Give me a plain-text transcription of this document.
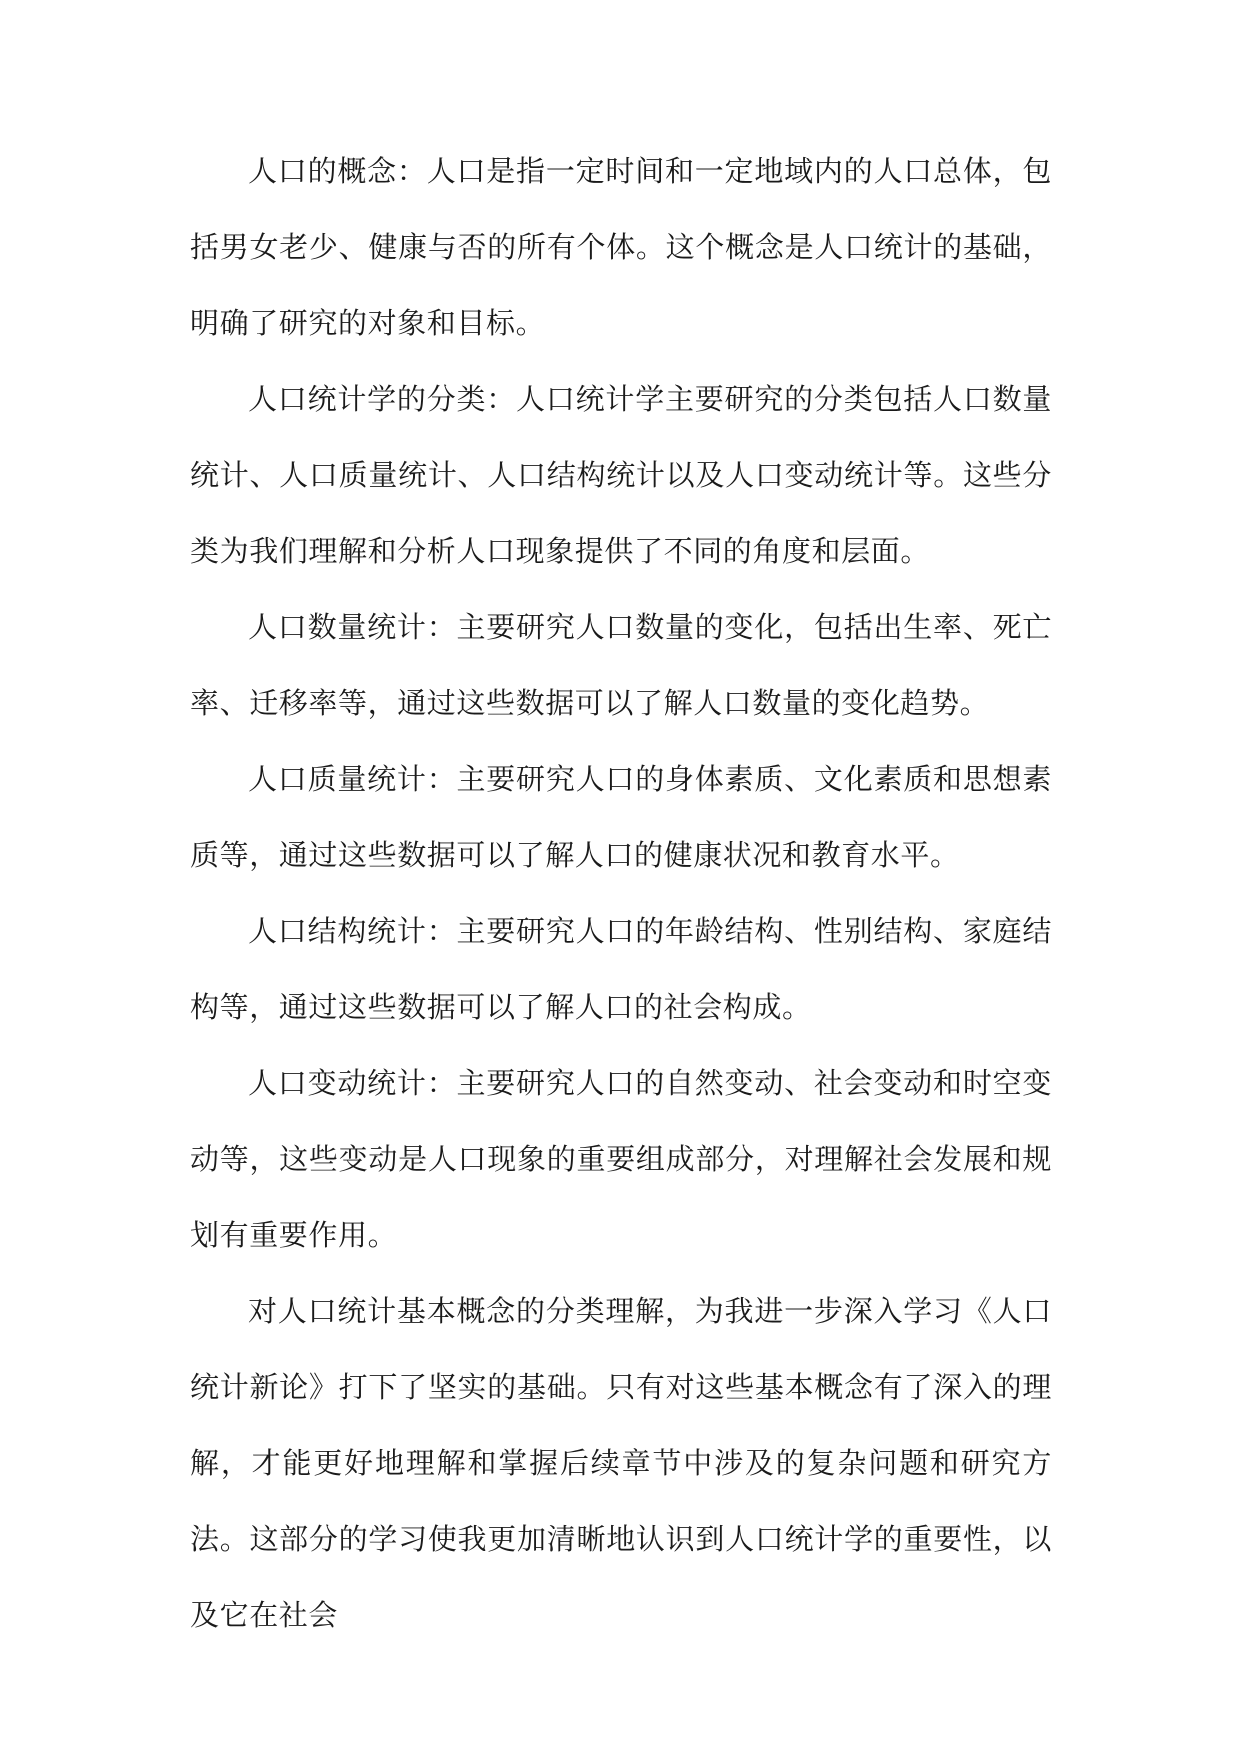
人口的概念：人口是指一定时间和一定地域内的人口总体，包括男女老少、健康与否的所有个体。这个概念是人口统计的基础，明确了研究的对象和目标。

人口统计学的分类：人口统计学主要研究的分类包括人口数量统计、人口质量统计、人口结构统计以及人口变动统计等。这些分类为我们理解和分析人口现象提供了不同的角度和层面。

人口数量统计：主要研究人口数量的变化，包括出生率、死亡率、迁移率等，通过这些数据可以了解人口数量的变化趋势。

人口质量统计：主要研究人口的身体素质、文化素质和思想素质等，通过这些数据可以了解人口的健康状况和教育水平。

人口结构统计：主要研究人口的年龄结构、性别结构、家庭结构等，通过这些数据可以了解人口的社会构成。

人口变动统计：主要研究人口的自然变动、社会变动和时空变动等，这些变动是人口现象的重要组成部分，对理解社会发展和规划有重要作用。

对人口统计基本概念的分类理解，为我进一步深入学习《人口统计新论》打下了坚实的基础。只有对这些基本概念有了深入的理解，才能更好地理解和掌握后续章节中涉及的复杂问题和研究方法。这部分的学习使我更加清晰地认识到人口统计学的重要性，以及它在社会
